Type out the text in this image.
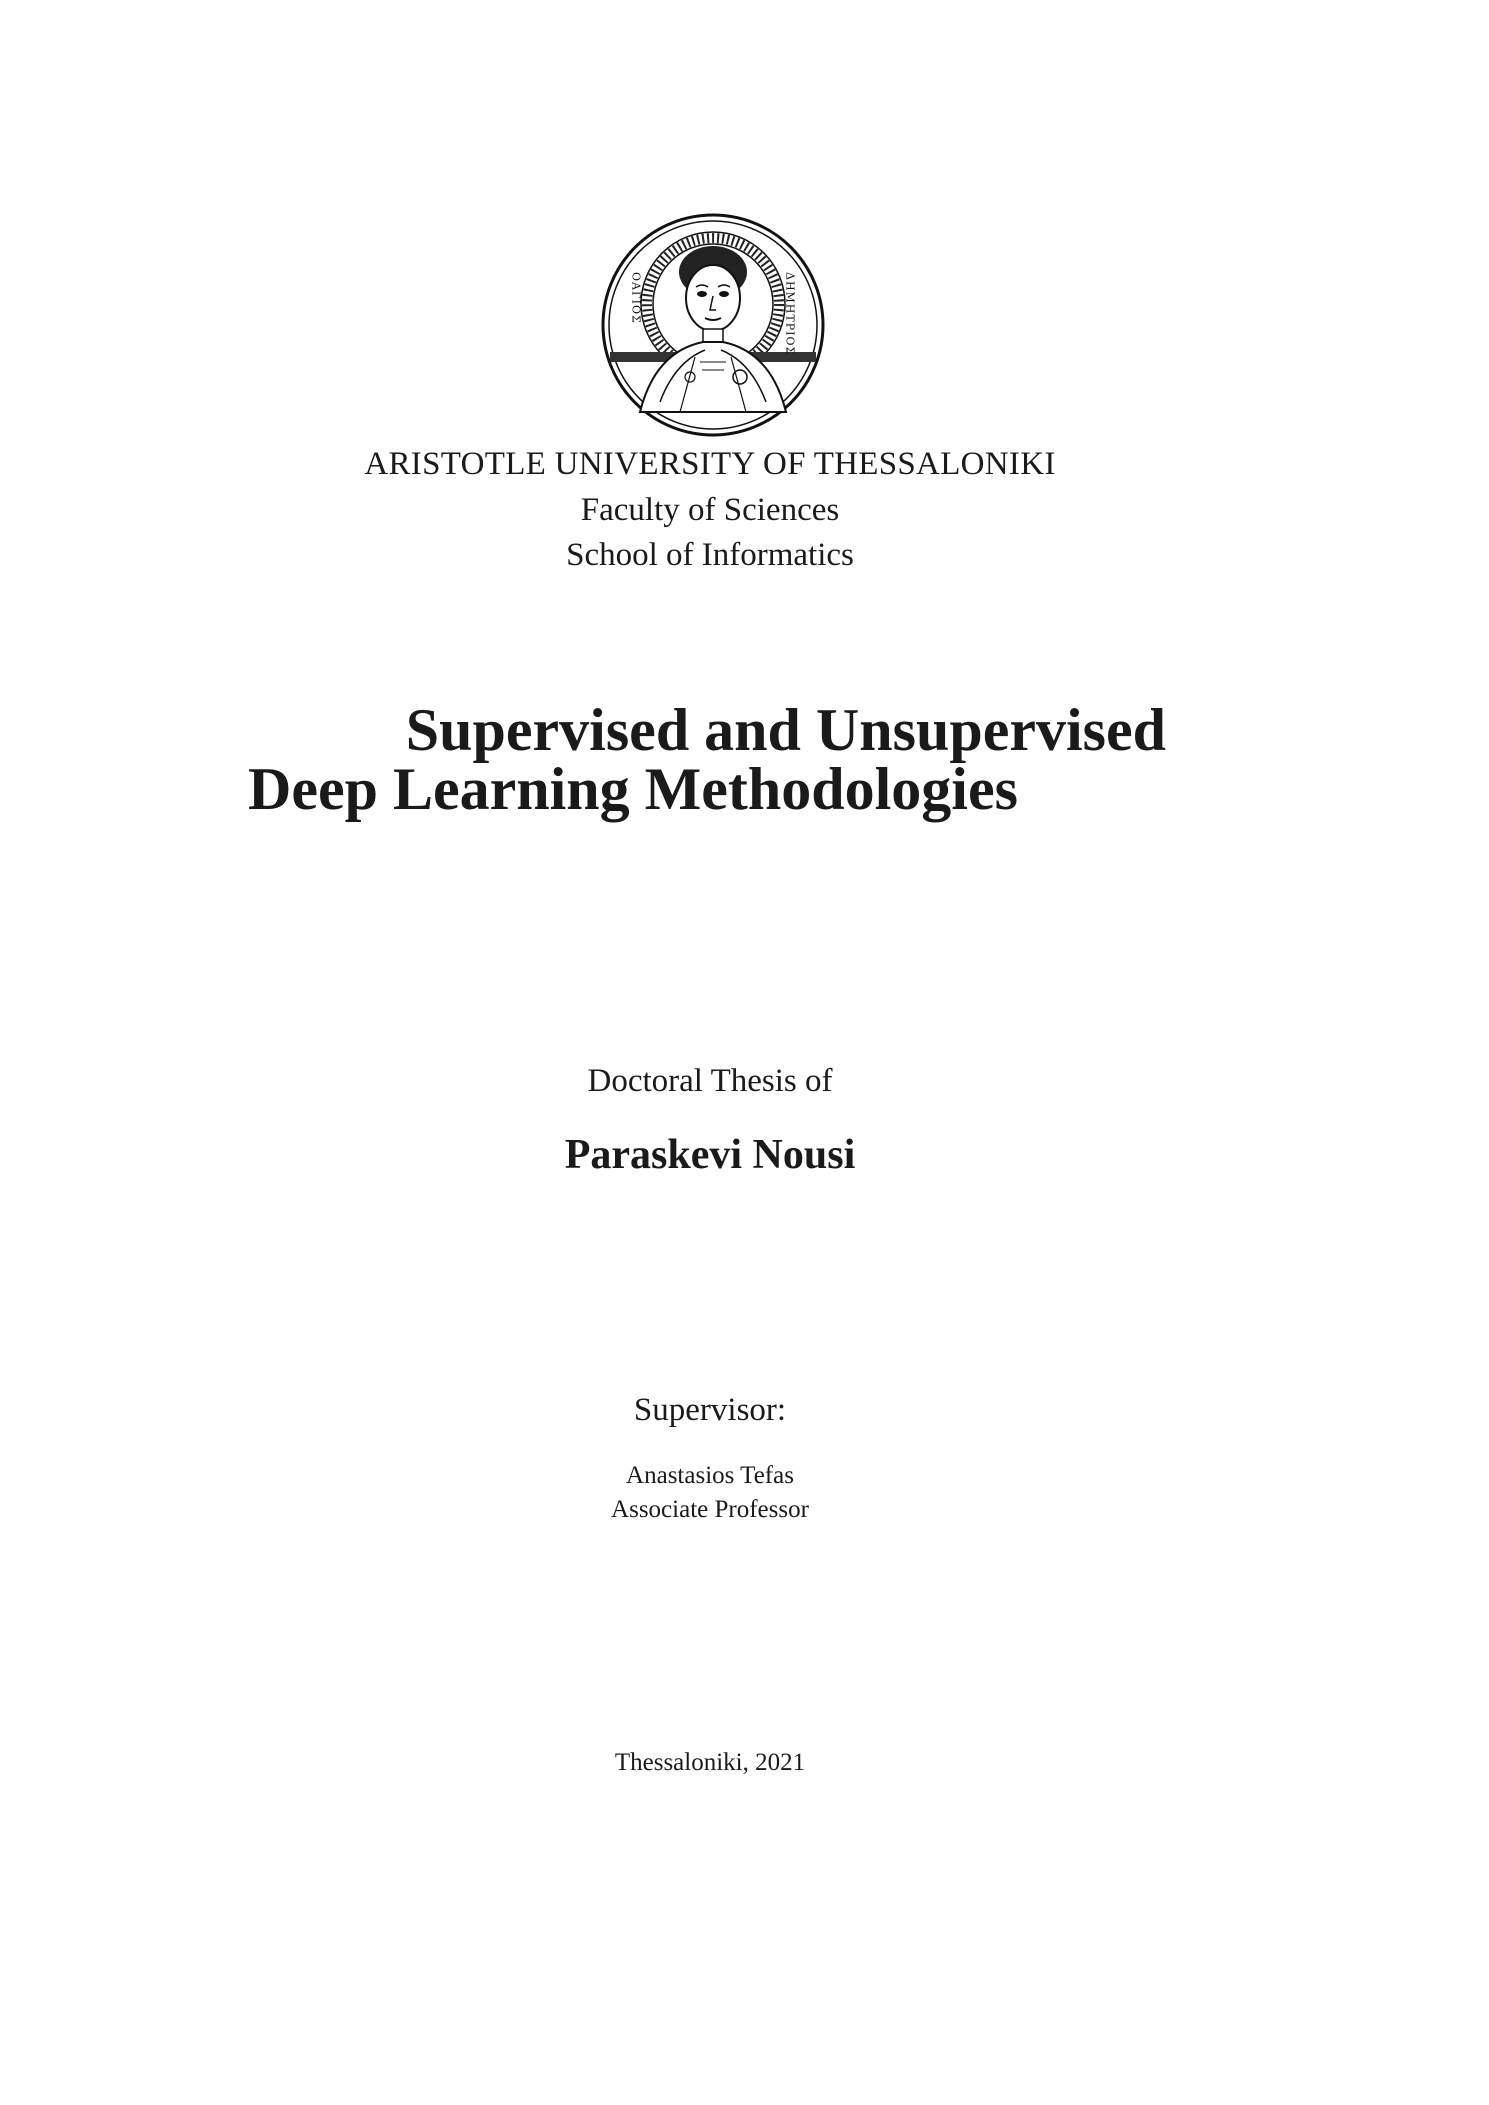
ΟΑΓΙΟΣ	ΔΗΜΗΤΡΙΟΣ
ARISTOTLE UNIVERSITY OF THESSALONIKI
Faculty of Sciences
School of Informatics
Supervised and Unsupervised
Deep Learning Methodologies
Doctoral Thesis of
Paraskevi Nousi
Supervisor:
Anastasios Tefas
Associate Professor
Thessaloniki, 2021
